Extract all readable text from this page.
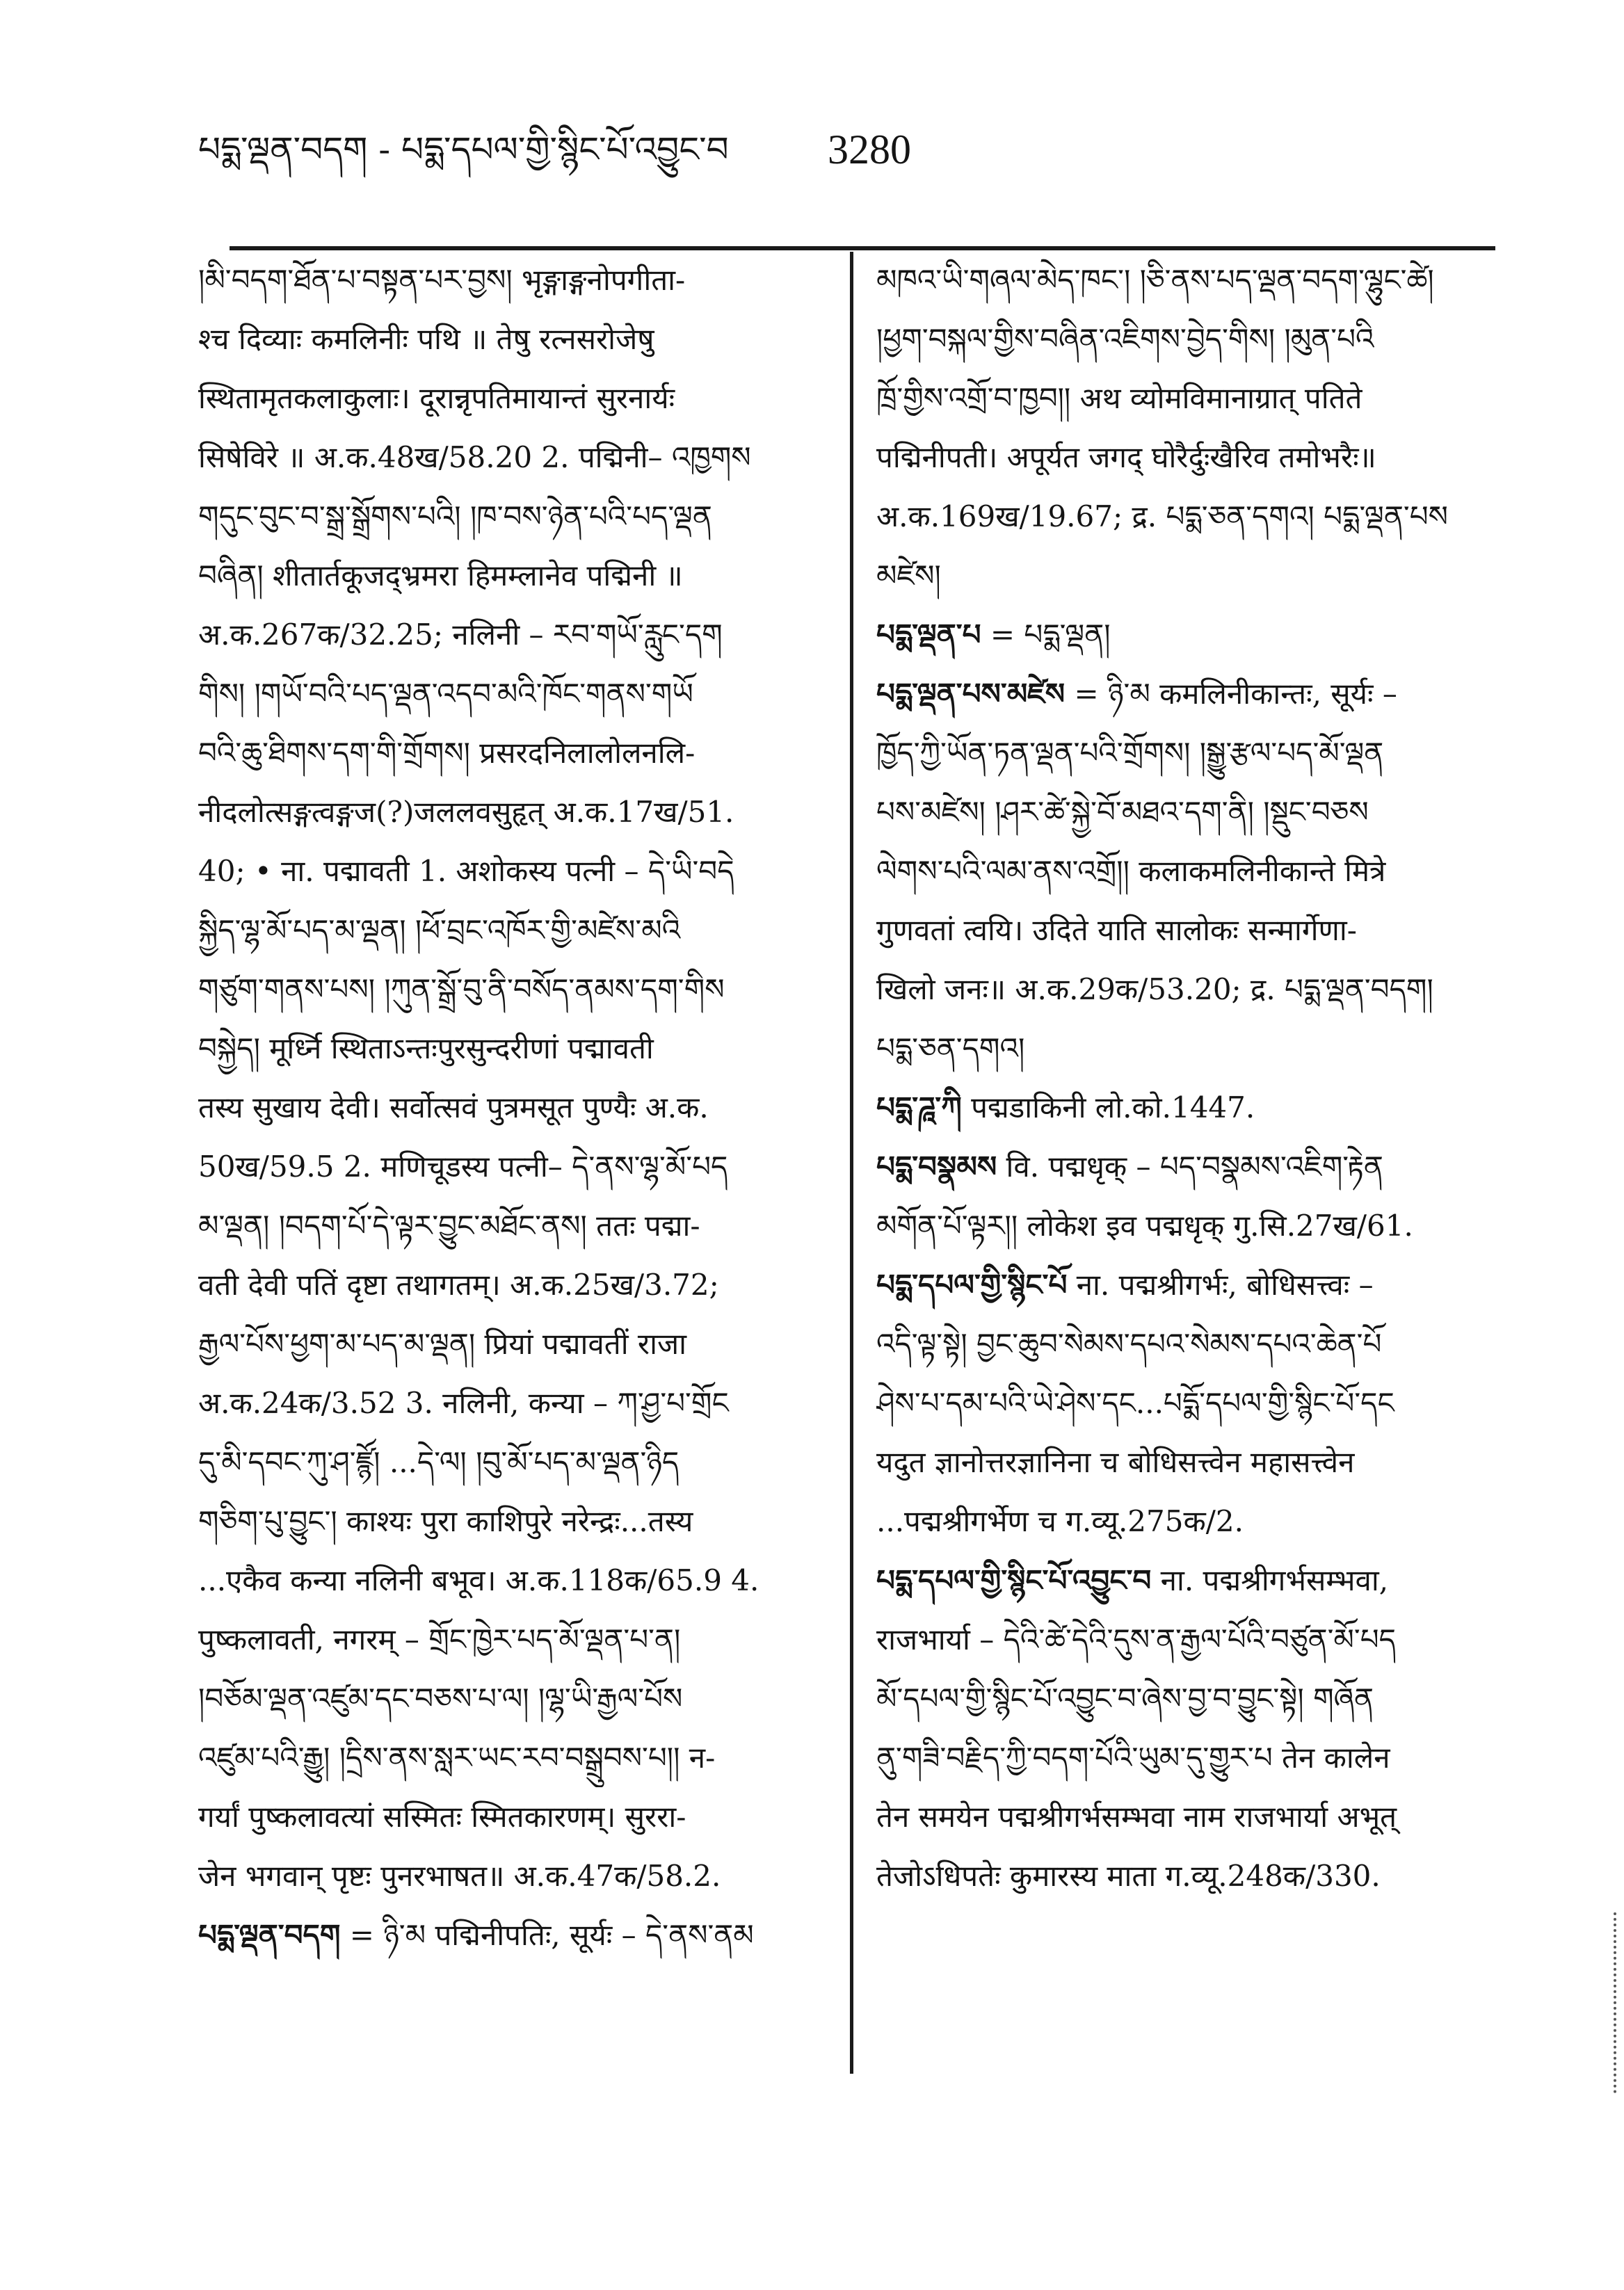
པདྨ་ལྡན་བདག - པདྨ་དཔལ་གྱི་སྙིང་པོ་འབྱུང་བ	3280

།མི་བདག་ཐོན་པ་བསྟན་པར་བྱས། भृङ्गाङ्गनोपगीता-

श्च दिव्याः कमलिनीः पथि ॥ तेषु रत्नसरोजेषु

स्थितामृतकलाकुलाः। दूरान्नृपतिमायान्तं सुरनार्यः

सिषेविरे ॥ अ.क.48ख/58.20 2. पद्मिनी– འཁྱགས

གདུང་བུང་བ་སྒྲ་སྒྲོགས་པའི། །ཁ་བས་ཉེན་པའི་པད་ལྡན

བཞིན། शीतार्तकूजद्भ्रमरा हिमम्लानेव पद्मिनी ॥

अ.क.267क/32.25; नलिनी – རབ་གཡོ་རླུང་དག

གིས། །གཡོ་བའི་པད་ལྡན་འདབ་མའི་ཁོང་གནས་གཡོ

བའི་ཆུ་ཐིགས་དག་གི་གྲོགས། प्रसरदनिलालोलनलि-

नीदलोत्सङ्गत्वङ्गज(?)जललवसुहृत् अ.क.17ख/51.

40; • ना. पद्मावती 1. अशोकस्य पत्नी – དེ་ཡི་བདེ

སྐྱིད་ལྷ་མོ་པད་མ་ལྡན། །ཕོ་བྲང་འཁོར་གྱི་མཛེས་མའི

གཙུག་གནས་པས། །ཀུན་སྒྲོ་བུ་ནི་བསོད་ནམས་དག་གིས

བསྐྱེད། मूर्ध्नि स्थिताऽन्तःपुरसुन्दरीणां पद्मावती

तस्य सुखाय देवी। सर्वोत्सवं पुत्रमसूत पुण्यैः अ.क.

50ख/59.5 2. मणिचूडस्य पत्नी– དེ་ནས་ལྷ་མོ་པད

མ་ལྡན། །བདག་པོ་དེ་ལྟར་བྱུང་མཐོང་ནས། ततः पद्मा-

वती देवी पतिं दृष्टा तथागतम्। अ.क.25ख/3.72;

རྒྱལ་པོས་ཕྱག་མ་པད་མ་ལྡན། प्रियां पद्मावतीं राजा

अ.क.24क/3.52 3. नलिनी, कन्या – ཀ་ཤྱ་པ་གྲོང

དུ་མི་དབང་ཀུ་ཤ་ཛྙོ། ...དེ་ལ། །བུ་མོ་པད་མ་ལྡན་ཉིད

གཅིག་པུ་བྱུང་། काश्यः पुरा काशिपुरे नरेन्द्रः...तस्य

...एकैव कन्या नलिनी बभूव। अ.क.118क/65.9 4.

पुष्कलावती, नगरम् – གྲོང་ཁྱེར་པད་མོ་ལྡན་པ་ན།

།བཅོམ་ལྡན་འཛུམ་དང་བཅས་པ་ལ། །ལྷ་ཡི་རྒྱལ་པོས

འཛུམ་པའི་རྒྱུ། །དྲིས་ནས་སླར་ཡང་རབ་བསྒྲུབས་པ།། न-

गर्यां पुष्कलावत्यां सस्मितः स्मितकारणम्। सुररा-

जेन भगवान् पृष्टः पुनरभाषत॥ अ.क.47क/58.2.

པདྨ་ལྡན་བདག = ཉི་མ पद्मिनीपतिः, सूर्यः – དེ་ནས་ནམ

མཁའ་ཡི་གཞལ་མེད་ཁང་། །ཅི་ནས་པད་ལྡན་བདག་ལྷུང་ཚེ།

།ཕྱག་བསྐལ་གྱིས་བཞིན་འཇིགས་བྱེད་གིས། །མུན་པའི

ཁྲོ་གྱིས་འགྲོ་བ་ཁྱབ།། अथ व्योमविमानाग्रात् पतिते

पद्मिनीपती। अपूर्यत जगद् घोरैर्दुःखैरिव तमोभरैः॥

अ.क.169ख/19.67; द्र. པདྨ་ཅན་དགའ། པདྨ་ལྡན་པས

མཛེས།

པདྨ་ལྡན་པ = པདྨ་ལྡན།

པདྨ་ལྡན་པས་མཛེས = ཉི་མ कमलिनीकान्तः, सूर्यः –

ཁྱོད་ཀྱི་ཡོན་ཏན་ལྡན་པའི་གྲོགས། །སྒྱུ་རྩལ་པད་མོ་ལྡན

པས་མཛེས། །ཤར་ཚེ་སྐྱེ་བོ་མཐའ་དག་ནི། །སྡུང་བཅས

ལེགས་པའི་ལམ་ནས་འགྲོ།། कलाकमलिनीकान्ते मित्रे

गुणवतां त्वयि। उदिते याति सालोकः सन्मार्गेणा-

खिलो जनः॥ अ.क.29क/53.20; द्र. པདྨ་ལྡན་བདག།

པདྨ་ཅན་དགའ།

པདྨ་ཌཱ་ཀི पद्मडाकिनी लो.को.1447.

པདྨ་བསྣམས वि. पद्मधृक् – པད་བསྣམས་འཇིག་རྟེན

མགོན་པོ་ལྟར།། लोकेश इव पद्मधृक् गु.सि.27ख/61.

པདྨ་དཔལ་གྱི་སྙིང་པོ ना. पद्मश्रीगर्भः, बोधिसत्त्वः –

འདི་ལྟ་སྟེ། བྱང་ཆུབ་སེམས་དཔའ་སེམས་དཔའ་ཆེན་པོ

ཤེས་པ་དམ་པའི་ཡེ་ཤེས་དང...པདྨོ་དཔལ་གྱི་སྙིང་པོ་དང

यदुत ज्ञानोत्तरज्ञानिना च बोधिसत्त्वेन महासत्त्वेन

...पद्मश्रीगर्भेण च ग.व्यू.275क/2.

པདྨ་དཔལ་གྱི་སྙིང་པོ་འབྱུང་བ ना. पद्मश्रीगर्भसम्भवा,

राजभार्या – དེའི་ཚེ་དེའི་དུས་ན་རྒྱལ་པོའི་བཙུན་མོ་པད

མོ་དཔལ་གྱི་སྙིང་པོ་འབྱུང་བ་ཞེས་བྱ་བ་བྱུང་སྟེ། གཞོན

ནུ་གཟི་བརྗིད་ཀྱི་བདག་པོའི་ཡུམ་དུ་གྱུར་པ तेन कालेन

तेन समयेन पद्मश्रीगर्भसम्भवा नाम राजभार्या अभूत्

तेजोऽधिपतेः कुमारस्य माता ग.व्यू.248क/330.
